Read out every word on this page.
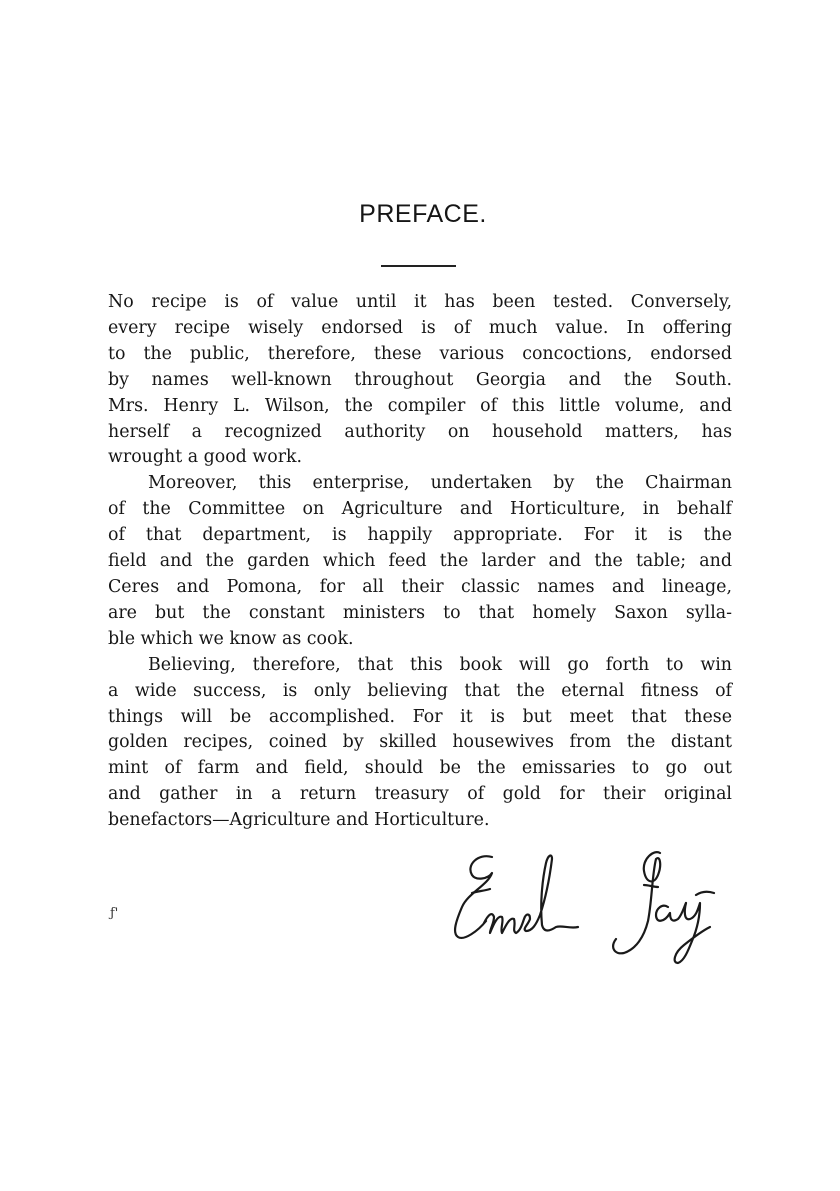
PREFACE.
No recipe is of value until it has been tested. Conversely,
every recipe wisely endorsed is of much value. In offering
to the public, therefore, these various concoctions, endorsed
by names well-known throughout Georgia and the South.
Mrs. Henry L. Wilson, the compiler of this little volume, and
herself a recognized authority on household matters, has
wrought a good work.
Moreover, this enterprise, undertaken by the Chairman
of the Committee on Agriculture and Horticulture, in behalf
of that department, is happily appropriate. For it is the
field and the garden which feed the larder and the table; and
Ceres and Pomona, for all their classic names and lineage,
are but the constant ministers to that homely Saxon sylla-
ble which we know as cook.
Believing, therefore, that this book will go forth to win
a wide success, is only believing that the eternal fitness of
things will be accomplished. For it is but meet that these
golden recipes, coined by skilled housewives from the distant
mint of farm and field, should be the emissaries to go out
and gather in a return treasury of gold for their original
benefactors—Agriculture and Horticulture.
ƒ'
